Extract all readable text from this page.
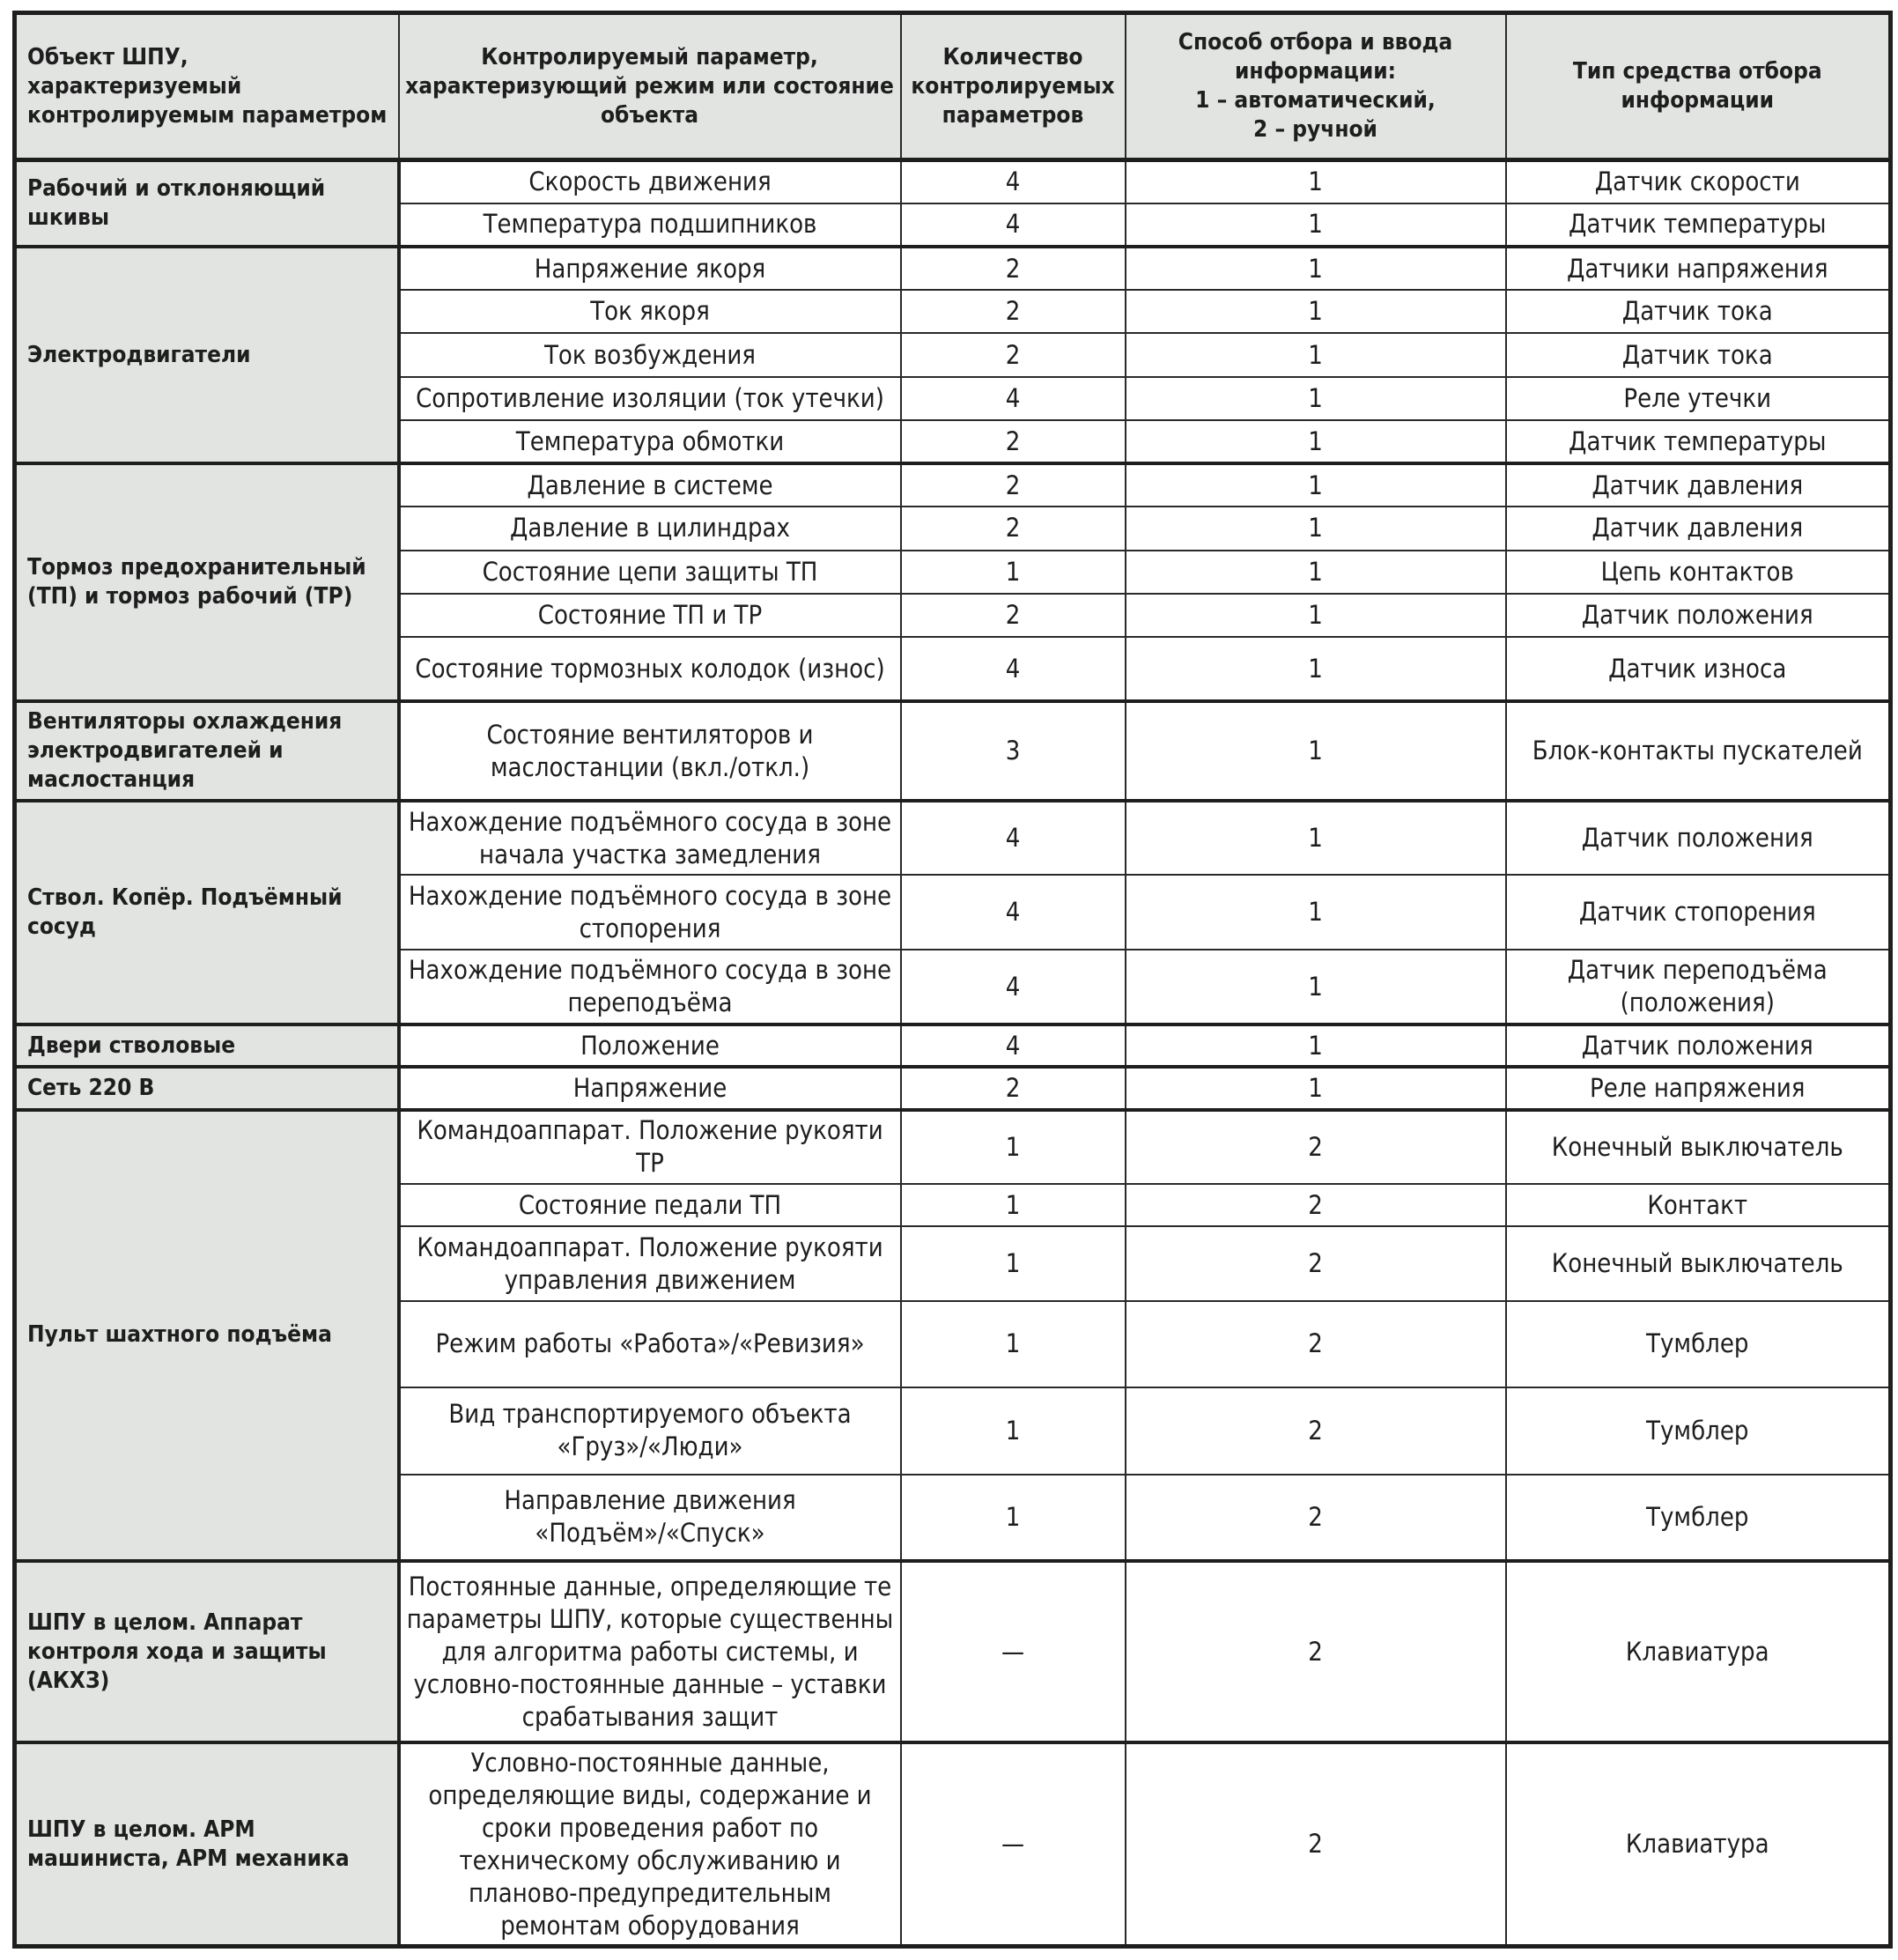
Объект ШПУ, характеризуемый контролируемым параметром	Контролируемый параметр, характеризующий режим или состояние объекта	Количество контролируемых параметров	Способ отбора и ввода информации:
1 – автоматический,
2 – ручной	Тип средства отбора информации
Рабочий и отклоняющий шкивы	Скорость движения	4	1	Датчик скорости
	Температура подшипников	4	1	Датчик температуры
Электродвигатели	Напряжение якоря	2	1	Датчики напряжения
	Ток якоря	2	1	Датчик тока
	Ток возбуждения	2	1	Датчик тока
	Сопротивление изоляции (ток утечки)	4	1	Реле утечки
	Температура обмотки	2	1	Датчик температуры
Тормоз предохранительный (ТП) и тормоз рабочий (ТР)	Давление в системе	2	1	Датчик давления
	Давление в цилиндрах	2	1	Датчик давления
	Состояние цепи защиты ТП	1	1	Цепь контактов
	Состояние ТП и ТР	2	1	Датчик положения
	Состояние тормозных колодок (износ)	4	1	Датчик износа
Вентиляторы охлаждения электродвигателей и маслостанция	Состояние вентиляторов и маслостанции (вкл./откл.)	3	1	Блок-контакты пускателей
Ствол. Копёр. Подъёмный сосуд	Нахождение подъёмного сосуда в зоне начала участка замедления	4	1	Датчик положения
	Нахождение подъёмного сосуда в зоне стопорения	4	1	Датчик стопорения
	Нахождение подъёмного сосуда в зоне переподъёма	4	1	Датчик переподъёма (положения)
Двери стволовые	Положение	4	1	Датчик положения
Сеть 220 В	Напряжение	2	1	Реле напряжения
Пульт шахтного подъёма	Командоаппарат. Положение рукояти ТР	1	2	Конечный выключатель
	Состояние педали ТП	1	2	Контакт
	Командоаппарат. Положение рукояти управления движением	1	2	Конечный выключатель
	Режим работы «Работа»/«Ревизия»	1	2	Тумблер
	Вид транспортируемого объекта «Груз»/«Люди»	1	2	Тумблер
	Направление движения «Подъём»/«Спуск»	1	2	Тумблер
ШПУ в целом. Аппарат контроля хода и защиты (АКХЗ)	Постоянные данные, определяющие те параметры ШПУ, которые существенны для алгоритма работы системы, и условно-постоянные данные – уставки срабатывания защит	—	2	Клавиатура
ШПУ в целом. АРМ машиниста, АРМ механика	Условно-постоянные данные, определяющие виды, содержание и сроки проведения работ по техническому обслуживанию и планово-предупредительным ремонтам оборудования	—	2	Клавиатура
